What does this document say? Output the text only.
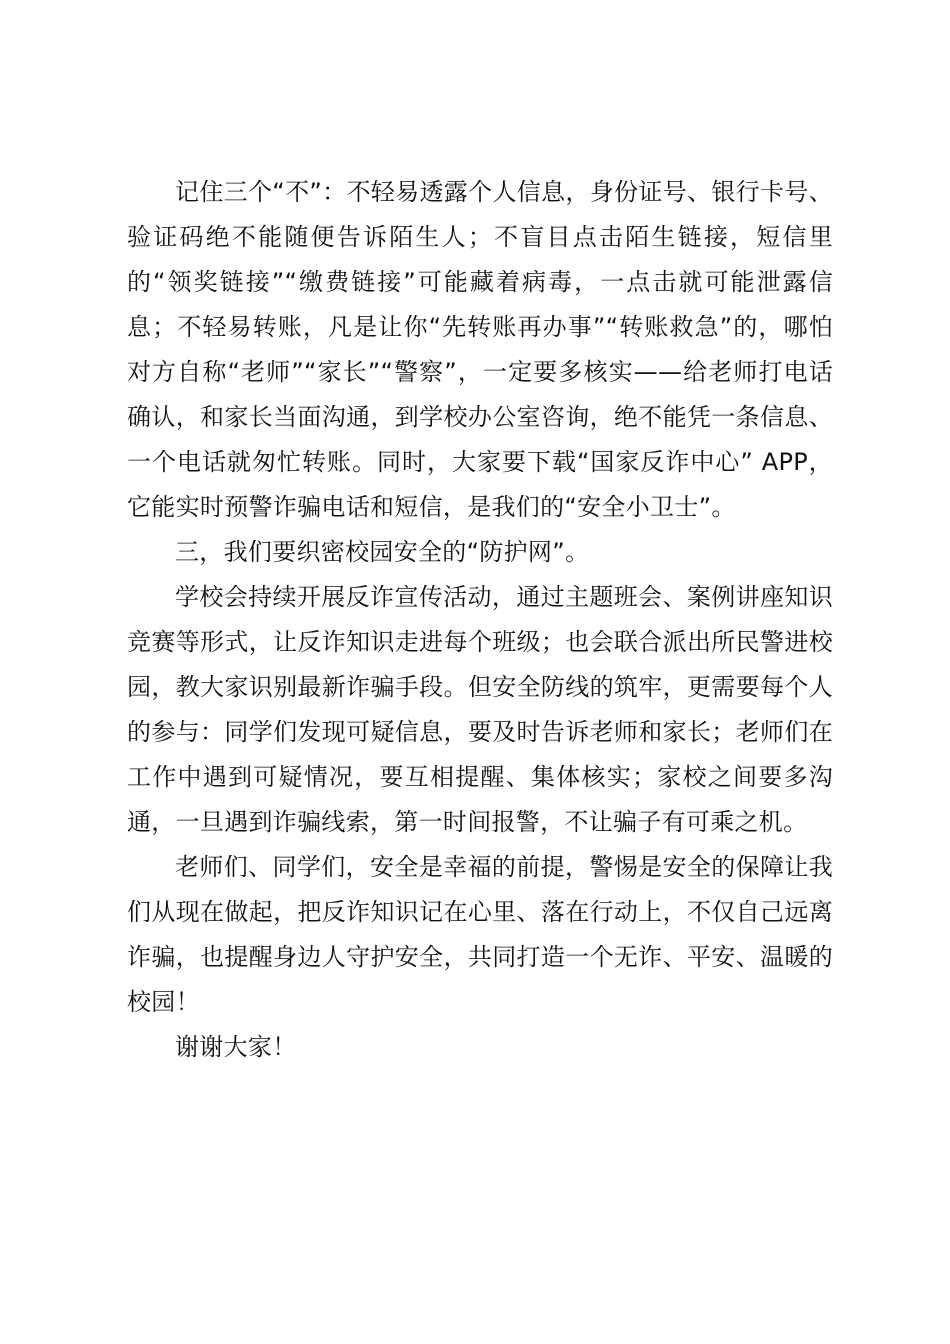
记住三个“不”：不轻易透露个人信息，身份证号、银行卡号、验证码绝不能随便告诉陌生人；不盲目点击陌生链接，短信里的“领奖链接”“缴费链接”可能藏着病毒，一点击就可能泄露信息；不轻易转账，凡是让你“先转账再办事”“转账救急”的，哪怕对方自称“老师”“家长”“警察”，一定要多核实——给老师打电话确认，和家长当面沟通，到学校办公室咨询，绝不能凭一条信息、一个电话就匆忙转账。同时，大家要下载“国家反诈中心” APP，它能实时预警诈骗电话和短信，是我们的“安全小卫士”。

三，我们要织密校园安全的“防护网”。

学校会持续开展反诈宣传活动，通过主题班会、案例讲座知识竞赛等形式，让反诈知识走进每个班级；也会联合派出所民警进校园，教大家识别最新诈骗手段。但安全防线的筑牢，更需要每个人的参与：同学们发现可疑信息，要及时告诉老师和家长；老师们在工作中遇到可疑情况，要互相提醒、集体核实；家校之间要多沟通，一旦遇到诈骗线索，第一时间报警，不让骗子有可乘之机。

老师们、同学们，安全是幸福的前提，警惕是安全的保障让我们从现在做起，把反诈知识记在心里、落在行动上，不仅自己远离诈骗，也提醒身边人守护安全，共同打造一个无诈、平安、温暖的校园！

谢谢大家！
